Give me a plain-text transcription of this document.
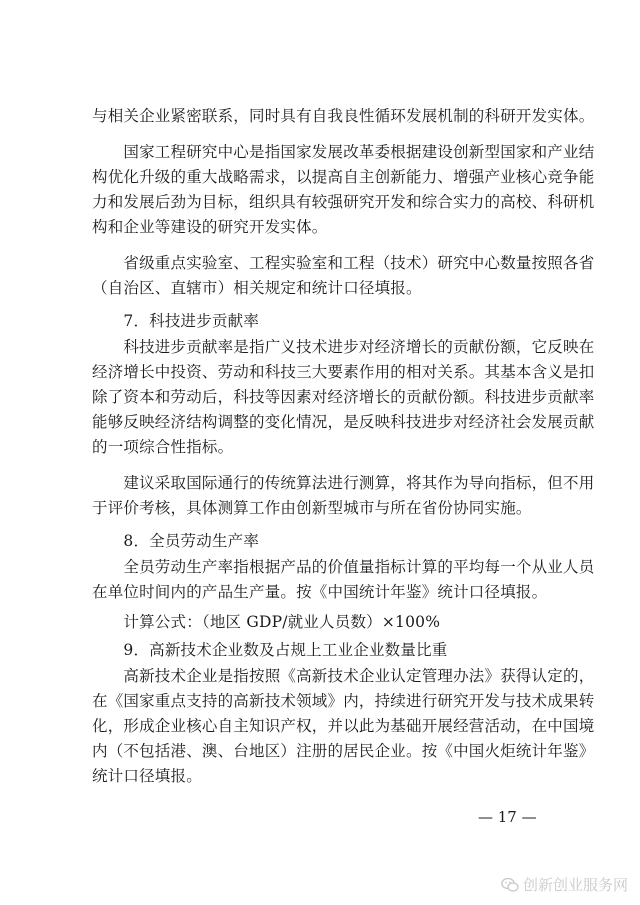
与相关企业紧密联系，同时具有自我良性循环发展机制的科研开发实体。
　　国家工程研究中心是指国家发展改革委根据建设创新型国家和产业结
构优化升级的重大战略需求，以提高自主创新能力、增强产业核心竞争能
力和发展后劲为目标，组织具有较强研究开发和综合实力的高校、科研机
构和企业等建设的研究开发实体。
　　省级重点实验室、工程实验室和工程（技术）研究中心数量按照各省
（自治区、直辖市）相关规定和统计口径填报。
　　7．科技进步贡献率
　　科技进步贡献率是指广义技术进步对经济增长的贡献份额，它反映在
经济增长中投资、劳动和科技三大要素作用的相对关系。其基本含义是扣
除了资本和劳动后，科技等因素对经济增长的贡献份额。科技进步贡献率
能够反映经济结构调整的变化情况，是反映科技进步对经济社会发展贡献
的一项综合性指标。
　　建议采取国际通行的传统算法进行测算，将其作为导向指标，但不用
于评价考核，具体测算工作由创新型城市与所在省份协同实施。
　　8．全员劳动生产率
　　全员劳动生产率指根据产品的价值量指标计算的平均每一个从业人员
在单位时间内的产品生产量。按《中国统计年鉴》统计口径填报。
　　计算公式：（地区 GDP/就业人员数）×100%
　　9．高新技术企业数及占规上工业企业数量比重
　　高新技术企业是指按照《高新技术企业认定管理办法》获得认定的，
在《国家重点支持的高新技术领域》内，持续进行研究开发与技术成果转
化，形成企业核心自主知识产权，并以此为基础开展经营活动，在中国境
内（不包括港、澳、台地区）注册的居民企业。按《中国火炬统计年鉴》
统计口径填报。
— 17 —
创新创业服务网
